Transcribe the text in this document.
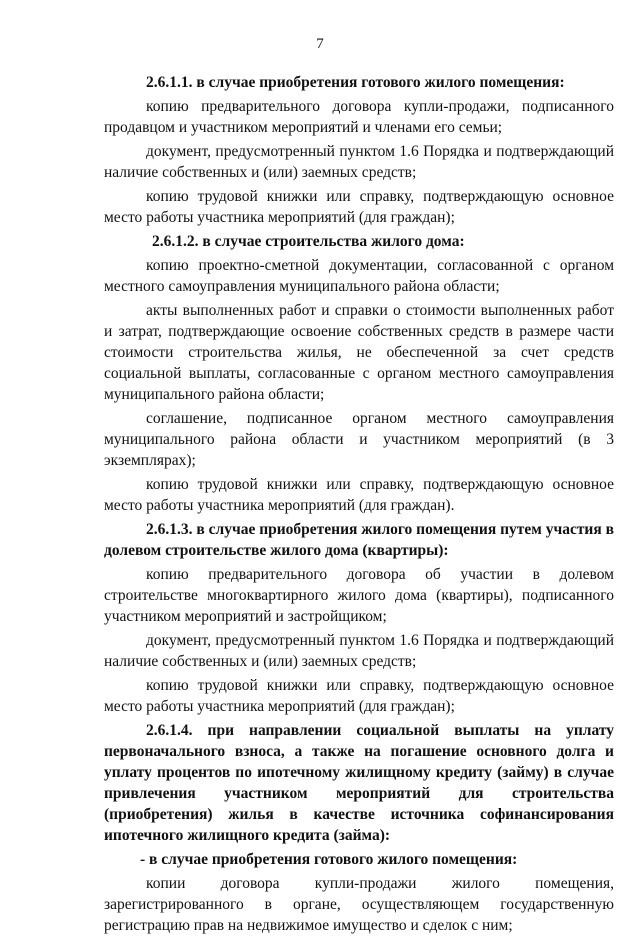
7

2.6.1.1. в случае приобретения готового жилого помещения:

копию предварительного договора купли-продажи, подписанного продавцом и участником мероприятий и членами его семьи;

документ, предусмотренный пунктом 1.6 Порядка и подтверждающий наличие собственных и (или) заемных средств;

копию трудовой книжки или справку, подтверждающую основное место работы участника мероприятий (для граждан);

2.6.1.2. в случае строительства жилого дома:

копию проектно-сметной документации, согласованной с органом местного самоуправления муниципального района области;

акты выполненных работ и справки о стоимости выполненных работ и затрат, подтверждающие освоение собственных средств в размере части стоимости строительства жилья, не обеспеченной за счет средств социальной выплаты, согласованные с органом местного самоуправления муниципального района области;

соглашение, подписанное органом местного самоуправления муниципального района области и участником мероприятий (в 3 экземплярах);

копию трудовой книжки или справку, подтверждающую основное место работы участника мероприятий (для граждан).

2.6.1.3. в случае приобретения жилого помещения путем участия в долевом строительстве жилого дома (квартиры):

копию предварительного договора об участии в долевом строительстве многоквартирного жилого дома (квартиры), подписанного участником мероприятий и застройщиком;

документ, предусмотренный пунктом 1.6 Порядка и подтверждающий наличие собственных и (или) заемных средств;

копию трудовой книжки или справку, подтверждающую основное место работы участника мероприятий (для граждан);

2.6.1.4. при направлении социальной выплаты на уплату первоначального взноса, а также на погашение основного долга и уплату процентов по ипотечному жилищному кредиту (займу) в случае привлечения участником мероприятий для строительства (приобретения) жилья в качестве источника софинансирования ипотечного жилищного кредита (займа):

- в случае приобретения готового жилого помещения:

копии договора купли-продажи жилого помещения, зарегистрированного в органе, осуществляющем государственную регистрацию прав на недвижимое имущество и сделок с ним;
